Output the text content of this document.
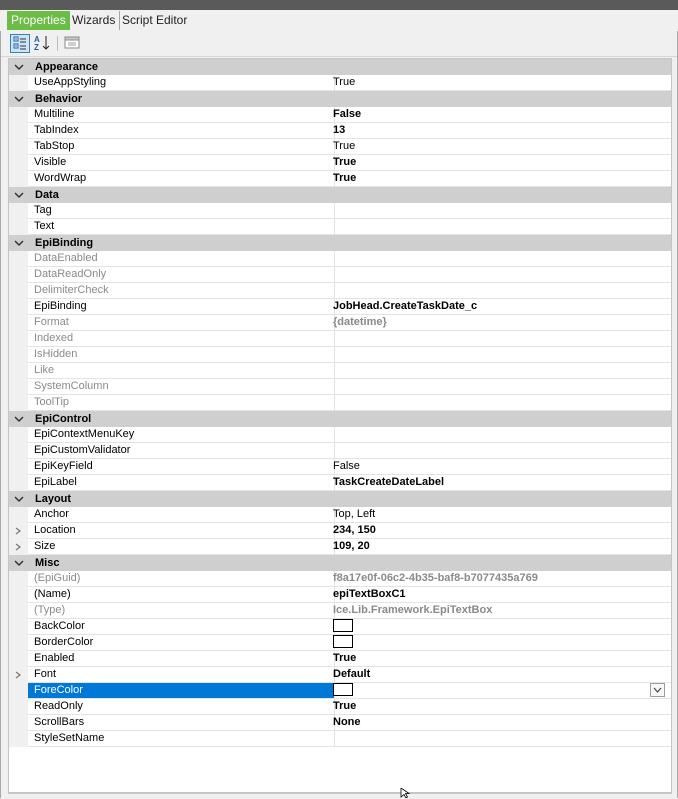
Properties Wizards Script Editor
A
Z
Appearance
UseAppStyling	True
Behavior
Multiline	False
TabIndex	13
TabStop	True
Visible	True
WordWrap	True
Data
Tag
Text
EpiBinding
DataEnabled
DataReadOnly
DelimiterCheck
EpiBinding	JobHead.CreateTaskDate_c
Format	{datetime}
Indexed
IsHidden
Like
SystemColumn
ToolTip
EpiControl
EpiContextMenuKey
EpiCustomValidator
EpiKeyField	False
EpiLabel	TaskCreateDateLabel
Layout
Anchor	Top, Left
Location	234, 150
Size	109, 20
Misc
(EpiGuid)	f8a17e0f-06c2-4b35-baf8-b7077435a769
(Name)	epiTextBoxC1
(Type)	Ice.Lib.Framework.EpiTextBox
BackColor
BorderColor
Enabled	True
Font	Default
ForeColor
ReadOnly	True
ScrollBars	None
StyleSetName
